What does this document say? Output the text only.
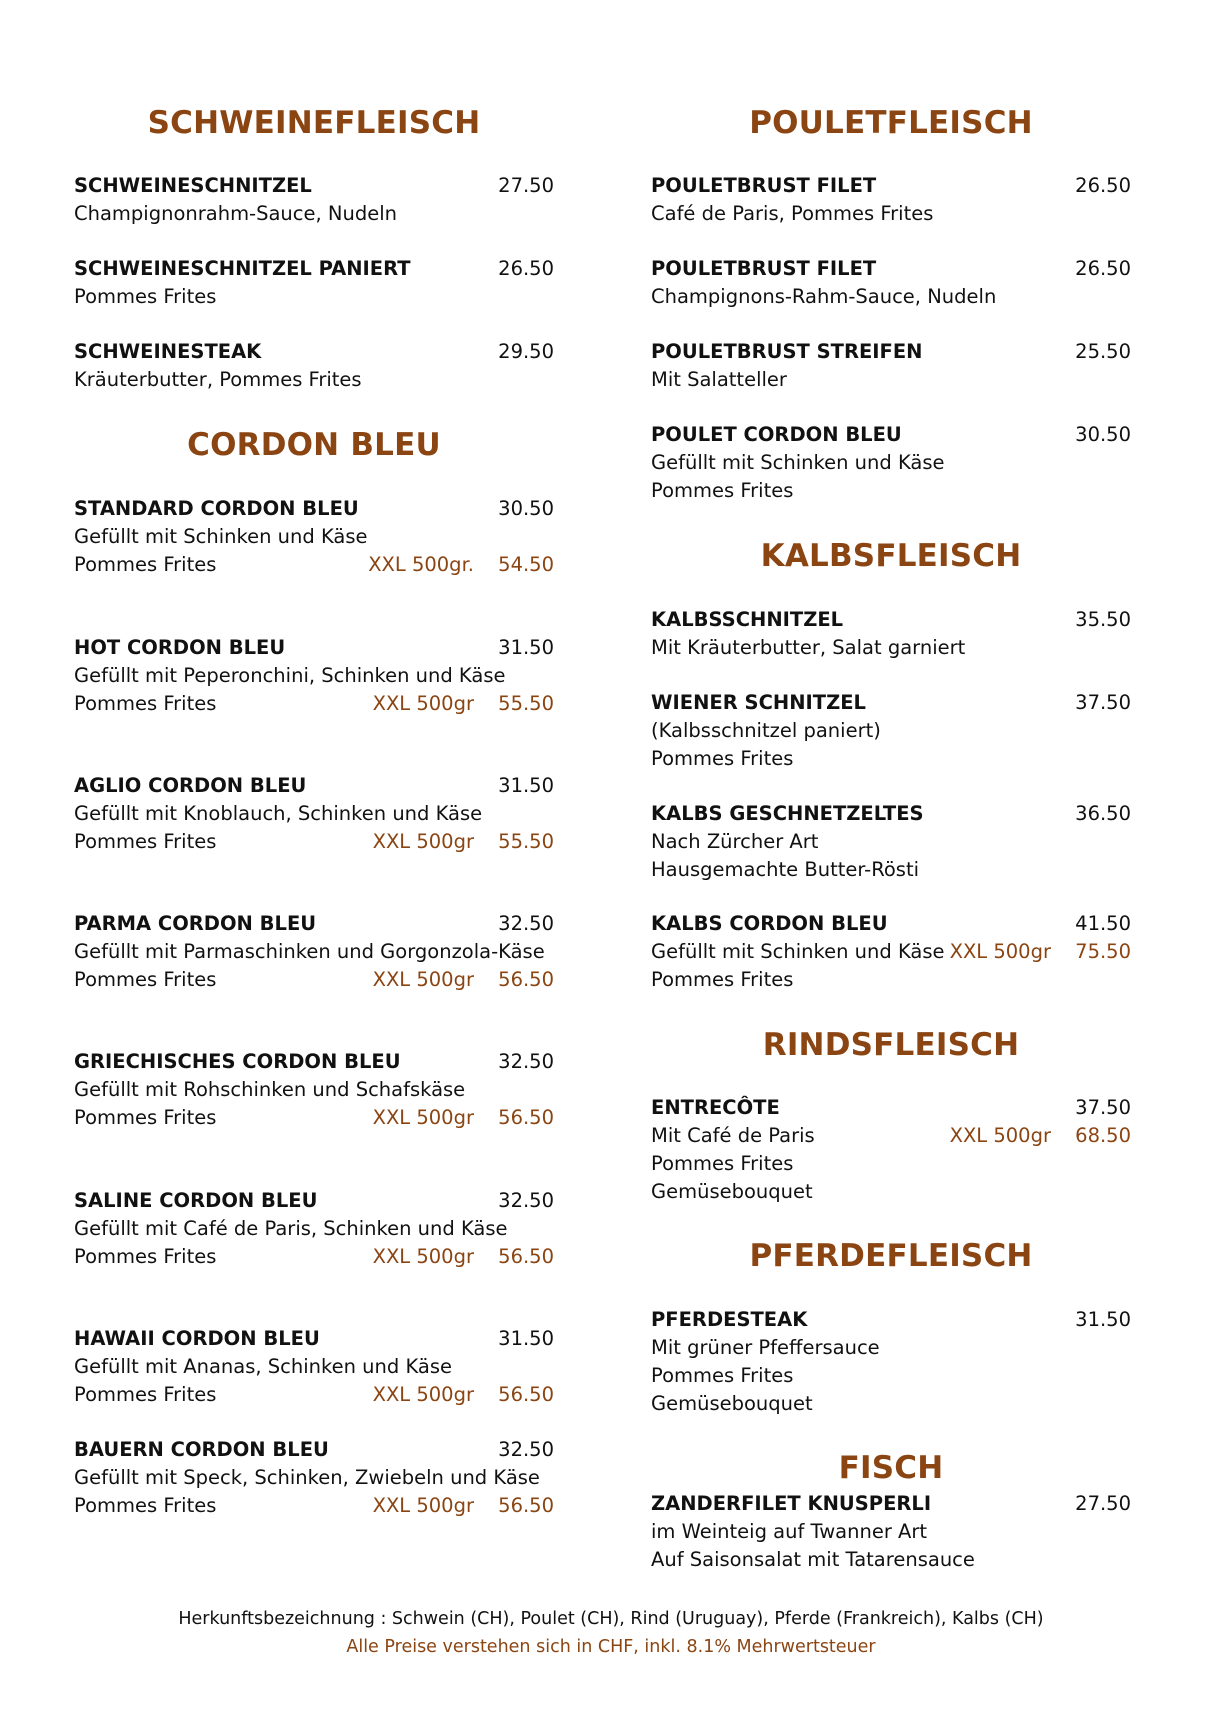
SCHWEINEFLEISCH
SCHWEINESCHNITZEL	27.50
Champignonrahm-Sauce, Nudeln
SCHWEINESCHNITZEL PANIERT	26.50
Pommes Frites
SCHWEINESTEAK	29.50
Kräuterbutter, Pommes Frites
CORDON BLEU
STANDARD CORDON BLEU	30.50
Gefüllt mit Schinken und Käse
Pommes Frites	XXL 500gr. 54.50
HOT CORDON BLEU	31.50
Gefüllt mit Peperonchini, Schinken und Käse
Pommes Frites	XXL 500gr 55.50
AGLIO CORDON BLEU	31.50
Gefüllt mit Knoblauch, Schinken und Käse
Pommes Frites	XXL 500gr 55.50
PARMA CORDON BLEU	32.50
Gefüllt mit Parmaschinken und Gorgonzola-Käse
Pommes Frites	XXL 500gr 56.50
GRIECHISCHES CORDON BLEU	32.50
Gefüllt mit Rohschinken und Schafskäse
Pommes Frites	XXL 500gr 56.50
SALINE CORDON BLEU	32.50
Gefüllt mit Café de Paris, Schinken und Käse
Pommes Frites	XXL 500gr 56.50
HAWAII CORDON BLEU	31.50
Gefüllt mit Ananas, Schinken und Käse
Pommes Frites	XXL 500gr 56.50
BAUERN CORDON BLEU	32.50
Gefüllt mit Speck, Schinken, Zwiebeln und Käse
Pommes Frites	XXL 500gr 56.50
POULETFLEISCH
POULETBRUST FILET	26.50
Café de Paris, Pommes Frites
POULETBRUST FILET	26.50
Champignons-Rahm-Sauce, Nudeln
POULETBRUST STREIFEN	25.50
Mit Salatteller
POULET CORDON BLEU	30.50
Gefüllt mit Schinken und Käse
Pommes Frites
KALBSFLEISCH
KALBSSCHNITZEL	35.50
Mit Kräuterbutter, Salat garniert
WIENER SCHNITZEL	37.50
(Kalbsschnitzel paniert)
Pommes Frites
KALBS GESCHNETZELTES	36.50
Nach Zürcher Art
Hausgemachte Butter-Rösti
KALBS CORDON BLEU	41.50
Gefüllt mit Schinken und Käse XXL 500gr 75.50
Pommes Frites
RINDSFLEISCH
ENTRECÔTE	37.50
Mit Café de Paris	XXL 500gr 68.50
Pommes Frites
Gemüsebouquet
PFERDEFLEISCH
PFERDESTEAK	31.50
Mit grüner Pfeffersauce
Pommes Frites
Gemüsebouquet
FISCH
ZANDERFILET KNUSPERLI	27.50
im Weinteig auf Twanner Art
Auf Saisonsalat mit Tatarensauce
Herkunftsbezeichnung : Schwein (CH), Poulet (CH), Rind (Uruguay), Pferde (Frankreich), Kalbs (CH)
Alle Preise verstehen sich in CHF, inkl. 8.1% Mehrwertsteuer
